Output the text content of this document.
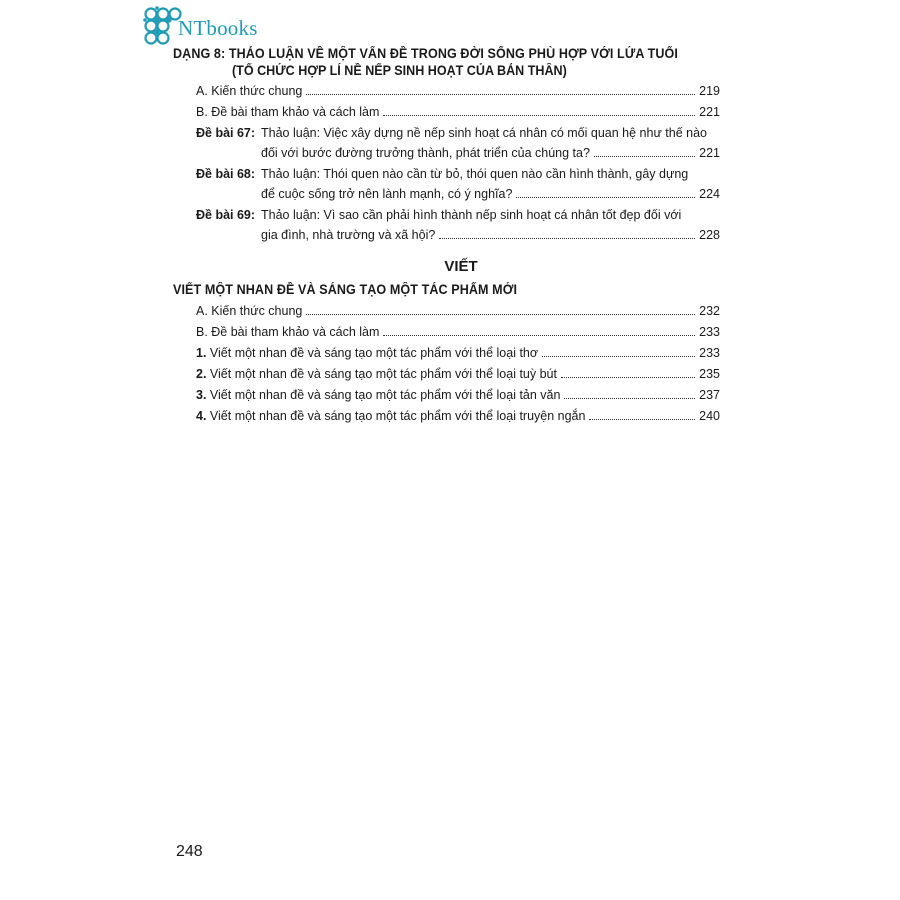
NTbooks
DẠNG 8: THẢO LUẬN VỀ MỘT VẤN ĐỀ TRONG ĐỜI SỐNG PHÙ HỢP VỚI LỨA TUỔI
(TỔ CHỨC HỢP LÍ NỀ NẾP SINH HOẠT CỦA BẢN THÂN)
A. Kiến thức chung	219
B. Đề bài tham khảo và cách làm	221
Đề bài 67: Thảo luận: Việc xây dựng nề nếp sinh hoạt cá nhân có mối quan hệ như thế nào
đối với bước đường trưởng thành, phát triển của chúng ta?	221
Đề bài 68: Thảo luận: Thói quen nào cần từ bỏ, thói quen nào cần hình thành, gây dựng
để cuộc sống trở nên lành mạnh, có ý nghĩa?	224
Đề bài 69: Thảo luận: Vì sao cần phải hình thành nếp sinh hoạt cá nhân tốt đẹp đối với
gia đình, nhà trường và xã hội?	228
VIẾT
VIẾT MỘT NHAN ĐỀ VÀ SÁNG TẠO MỘT TÁC PHẨM MỚI
A. Kiến thức chung	232
B. Đề bài tham khảo và cách làm	233
1. Viết một nhan đề và sáng tạo một tác phẩm với thể loại thơ	233
2. Viết một nhan đề và sáng tạo một tác phẩm với thể loại tuỳ bút	235
3. Viết một nhan đề và sáng tạo một tác phẩm với thể loại tản văn	237
4. Viết một nhan đề và sáng tạo một tác phẩm với thể loại truyện ngắn	240
248
